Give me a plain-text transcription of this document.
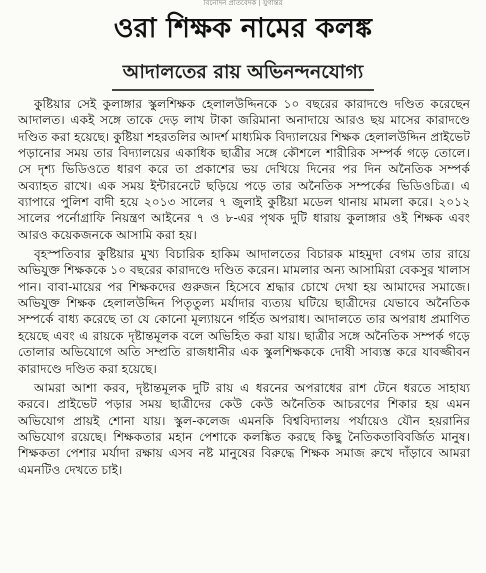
বিনোদন প্রতিবেদক | যুগান্তর
ওরা শিক্ষক নামের কলঙ্ক
আদালতের রায় অভিনন্দনযোগ্য

কুষ্টিয়ার সেই কুলাঙ্গার স্কুলশিক্ষক হেলালউদ্দিনকে ১০ বছরের কারাদণ্ডে দণ্ডিত করেছেন আদালত। একই সঙ্গে তাকে দেড় লাখ টাকা জরিমানা অনাদায়ে আরও ছয় মাসের কারাদণ্ডে দণ্ডিত করা হয়েছে। কুষ্টিয়া শহরতলির আদর্শ মাধ্যমিক বিদ্যালয়ের শিক্ষক হেলালউদ্দিন প্রাইভেট পড়ানোর সময় তার বিদ্যালয়ের একাধিক ছাত্রীর সঙ্গে কৌশলে শারীরিক সম্পর্ক গড়ে তোলে। সে দৃশ্য ভিডিওতে ধারণ করে তা প্রকাশের ভয় দেখিয়ে দিনের পর দিন অনৈতিক সম্পর্ক অব্যাহত রাখে। এক সময় ইন্টারনেটে ছড়িয়ে পড়ে তার অনৈতিক সম্পর্কের ভিডিওচিত্র। এ ব্যাপারে পুলিশ বাদী হয়ে ২০১৩ সালের ৭ জুলাই কুষ্টিয়া মডেল থানায় মামলা করে। ২০১২ সালের পর্নোগ্রাফি নিয়ন্ত্রণ আইনের ৭ ও ৮-এর পৃথক দুটি ধারায় কুলাঙ্গার ওই শিক্ষক এবং আরও কয়েকজনকে আসামি করা হয়।

বৃহস্পতিবার কুষ্টিয়ার মুখ্য বিচারিক হাকিম আদালতের বিচারক মাহমুদা বেগম তার রায়ে অভিযুক্ত শিক্ষককে ১০ বছরের কারাদণ্ডে দণ্ডিত করেন। মামলার অন্য আসামিরা বেকসুর খালাস পান। বাবা-মায়ের পর শিক্ষকদের গুরুজন হিসেবে শ্রদ্ধার চোখে দেখা হয় আমাদের সমাজে। অভিযুক্ত শিক্ষক হেলালউদ্দিন পিতৃতুল্য মর্যাদার ব্যত্যয় ঘটিয়ে ছাত্রীদের যেভাবে অনৈতিক সম্পর্কে বাধ্য করেছে তা যে কোনো মূল্যায়নে গর্হিত অপরাধ। আদালতে তার অপরাধ প্রমাণিত হয়েছে এবং এ রায়কে দৃষ্টান্তমূলক বলে অভিহিত করা যায়। ছাত্রীর সঙ্গে অনৈতিক সম্পর্ক গড়ে তোলার অভিযোগে অতি সম্প্রতি রাজধানীর এক স্কুলশিক্ষককে দোষী সাব্যস্ত করে যাবজ্জীবন কারাদণ্ডে দণ্ডিত করা হয়েছে।

আমরা আশা করব, দৃষ্টান্তমূলক দুটি রায় এ ধরনের অপরাধের রাশ টেনে ধরতে সাহায্য করবে। প্রাইভেট পড়ার সময় ছাত্রীদের কেউ কেউ অনৈতিক আচরণের শিকার হয় এমন অভিযোগ প্রায়ই শোনা যায়। স্কুল-কলেজ এমনকি বিশ্ববিদ্যালয় পর্যায়েও যৌন হয়রানির অভিযোগ রয়েছে। শিক্ষকতার মহান পেশাকে কলঙ্কিত করছে কিছু নৈতিকতাবিবর্জিত মানুষ। শিক্ষকতা পেশার মর্যাদা রক্ষায় এসব নষ্ট মানুষের বিরুদ্ধে শিক্ষক সমাজ রুখে দাঁড়াবে আমরা এমনটিও দেখতে চাই।
